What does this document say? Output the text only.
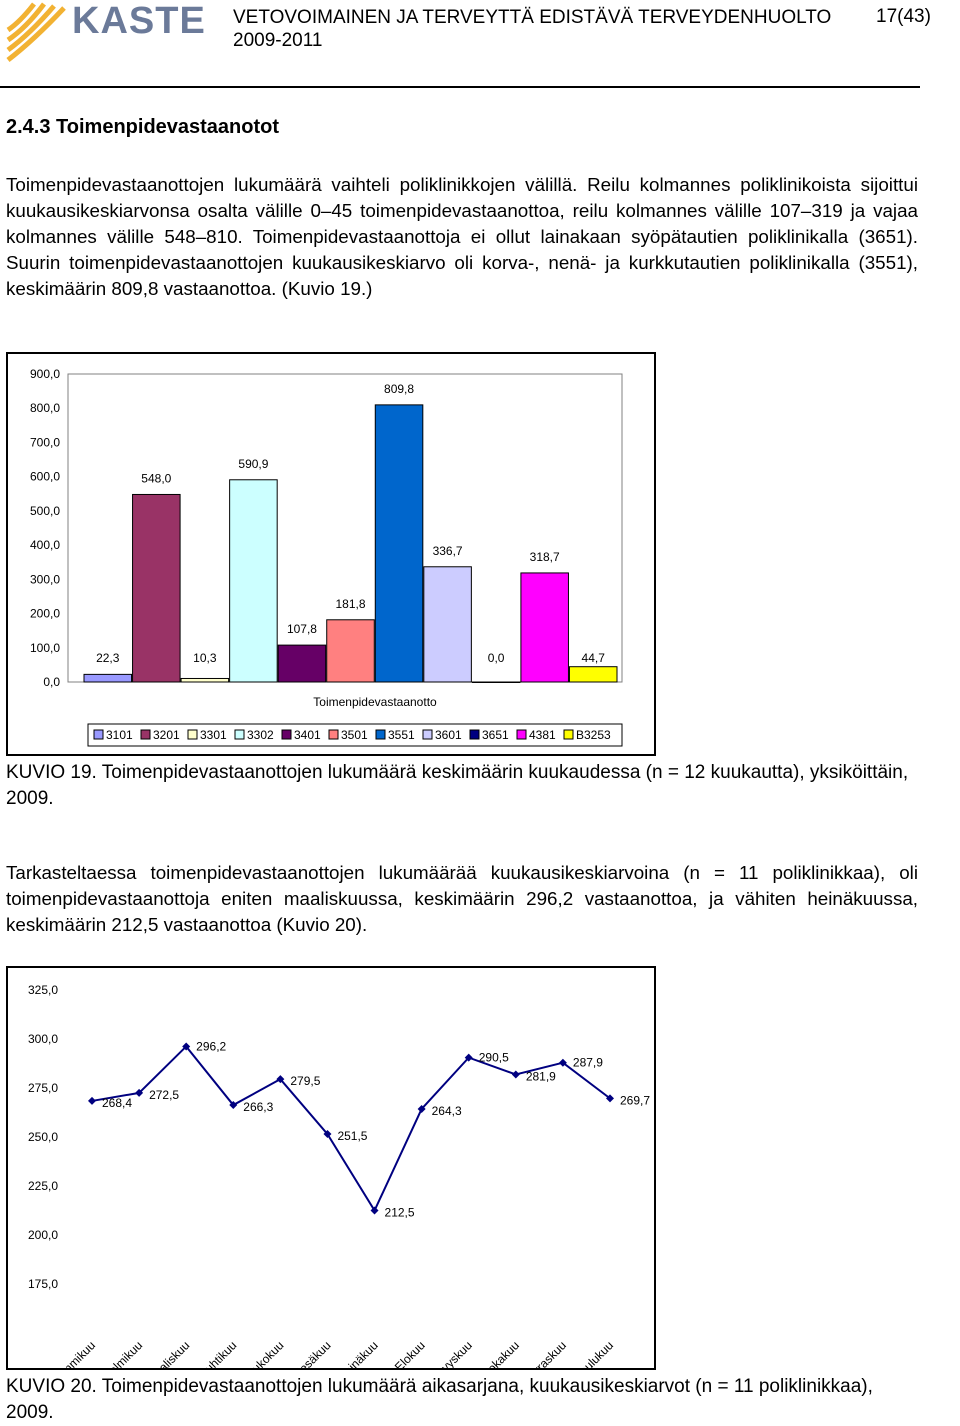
KASTE VETOVOIMAINEN JA TERVEYTTÄ EDISTÄVÄ TERVEYDENHUOLTO
2009-2011
17(43)
2.4.3 Toimenpidevastaanotot

Toimenpidevastaanottojen lukumäärä vaihteli poliklinikkojen välillä. Reilu kolmannes poliklinikoista sijoittui kuukausikeskiarvonsa osalta välille 0–45 toimenpidevastaanottoa, reilu kolmannes välille 107–319 ja vajaa kolmannes välille 548–810. Toimenpidevastaanottoja ei ollut lainakaan syöpätautien poliklinikalla (3651). Suurin toimenpidevastaanottojen kuukausikeskiarvo oli korva-, nenä- ja kurkkutautien poliklinikalla (3551), keskimäärin 809,8 vastaanottoa. (Kuvio 19.)

0,0
100,0
200,0
300,0
400,0
500,0
600,0
700,0
800,0
900,0
22,3
548,0
10,3
590,9
107,8
181,8
809,8
336,7
0,0
318,7
44,7
Toimenpidevastaanotto
3101 3201 3301 3302 3401 3501 3551 3601 3651 4381 B3253
KUVIO 19. Toimenpidevastaanottojen lukumäärä keskimäärin kuukaudessa (n = 12 kuukautta), yksiköittäin, 2009.

Tarkasteltaessa toimenpidevastaanottojen lukumäärää kuukausikeskiarvoina (n = 11 poliklinikkaa), oli toimenpidevastaanottoja eniten maaliskuussa, keskimäärin 296,2 vastaanottoa, ja vähiten heinäkuussa, keskimäärin 212,5 vastaanottoa (Kuvio 20).

175,0
200,0
225,0
250,0
275,0
300,0
325,0
268,4
272,5
296,2
266,3
279,5
251,5
212,5
264,3
290,5
281,9
287,9
269,7
Tammikuu Helmikuu
Maaliskuu Huhtikuu Toukokuu Kesäkuu Heinäkuu Elokuu Syyskuu Lokakuu
Marraskuu Joulukuu
KUVIO 20. Toimenpidevastaanottojen lukumäärä aikasarjana, kuukausikeskiarvot (n = 11 poliklinikkaa), 2009.
